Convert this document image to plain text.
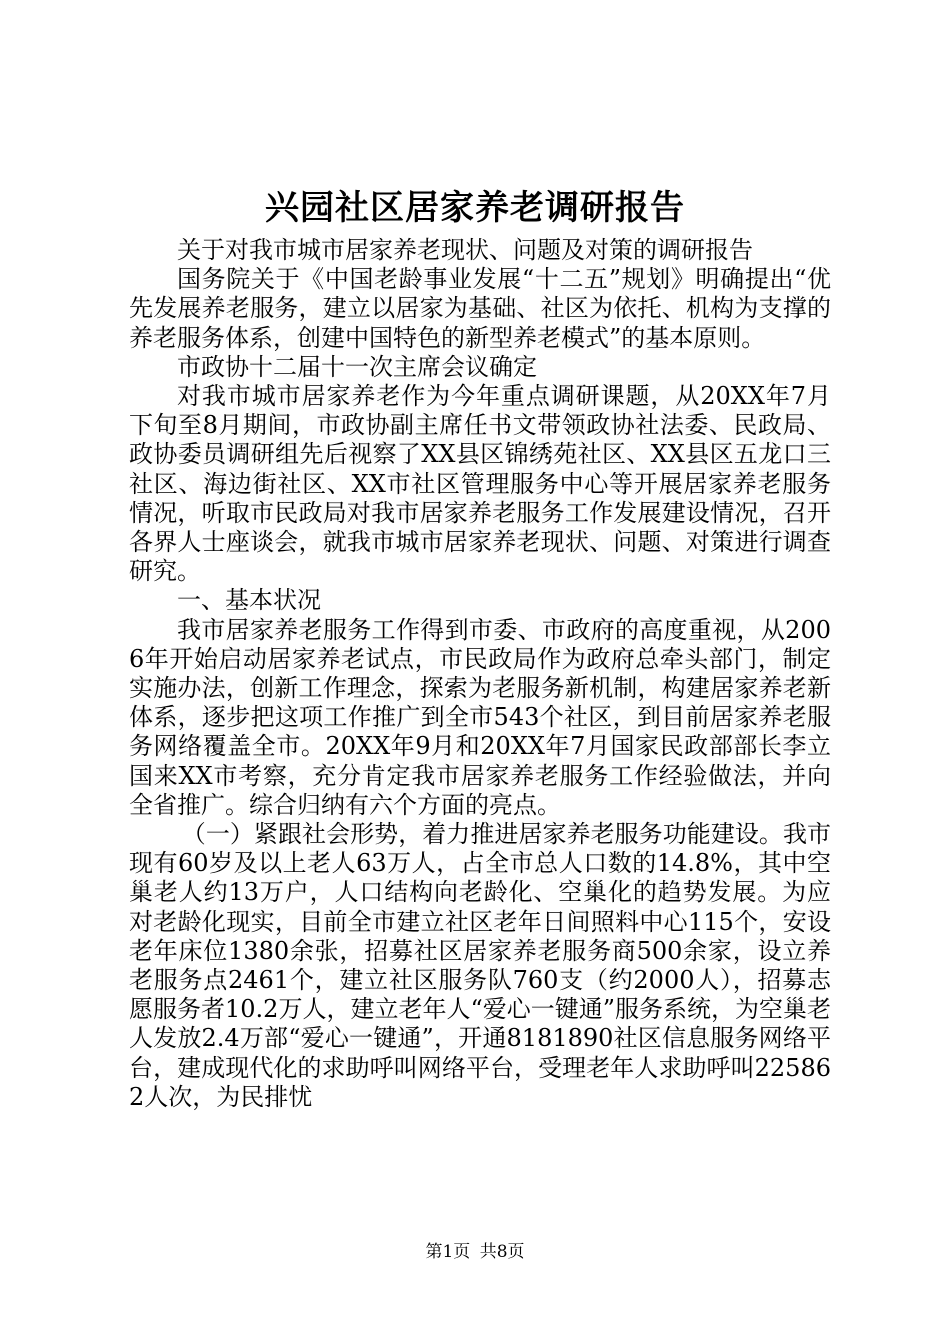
兴园社区居家养老调研报告

关于对我市城市居家养老现状、问题及对策的调研报告

国务院关于《中国老龄事业发展“十二五”规划》明确提出“优先发展养老服务，建立以居家为基础、社区为依托、机构为支撑的养老服务体系，创建中国特色的新型养老模式”的基本原则。

市政协十二届十一次主席会议确定

对我市城市居家养老作为今年重点调研课题，从20XX年7月下旬至8月期间，市政协副主席任书文带领政协社法委、民政局、政协委员调研组先后视察了XX县区锦绣苑社区、XX县区五龙口三社区、海边街社区、XX市社区管理服务中心等开展居家养老服务情况，听取市民政局对我市居家养老服务工作发展建设情况，召开各界人士座谈会，就我市城市居家养老现状、问题、对策进行调查研究。

一、基本状况

我市居家养老服务工作得到市委、市政府的高度重视，从2006年开始启动居家养老试点，市民政局作为政府总牵头部门，制定实施办法，创新工作理念，探索为老服务新机制，构建居家养老新体系，逐步把这项工作推广到全市543个社区，到目前居家养老服务网络覆盖全市。20XX年9月和20XX年7月国家民政部部长李立国来XX市考察，充分肯定我市居家养老服务工作经验做法，并向全省推广。综合归纳有六个方面的亮点。

（一）紧跟社会形势，着力推进居家养老服务功能建设。我市现有60岁及以上老人63万人，占全市总人口数的14.8%，其中空巢老人约13万户，人口结构向老龄化、空巢化的趋势发展。为应对老龄化现实，目前全市建立社区老年日间照料中心115个，安设老年床位1380余张，招募社区居家养老服务商500余家，设立养老服务点2461个，建立社区服务队760支（约2000人），招募志愿服务者10.2万人，建立老年人“爱心一键通”服务系统，为空巢老人发放2.4万部“爱心一键通”，开通8181890社区信息服务网络平台，建成现代化的求助呼叫网络平台，受理老年人求助呼叫225862人次，为民排忧

第1页 共8页
